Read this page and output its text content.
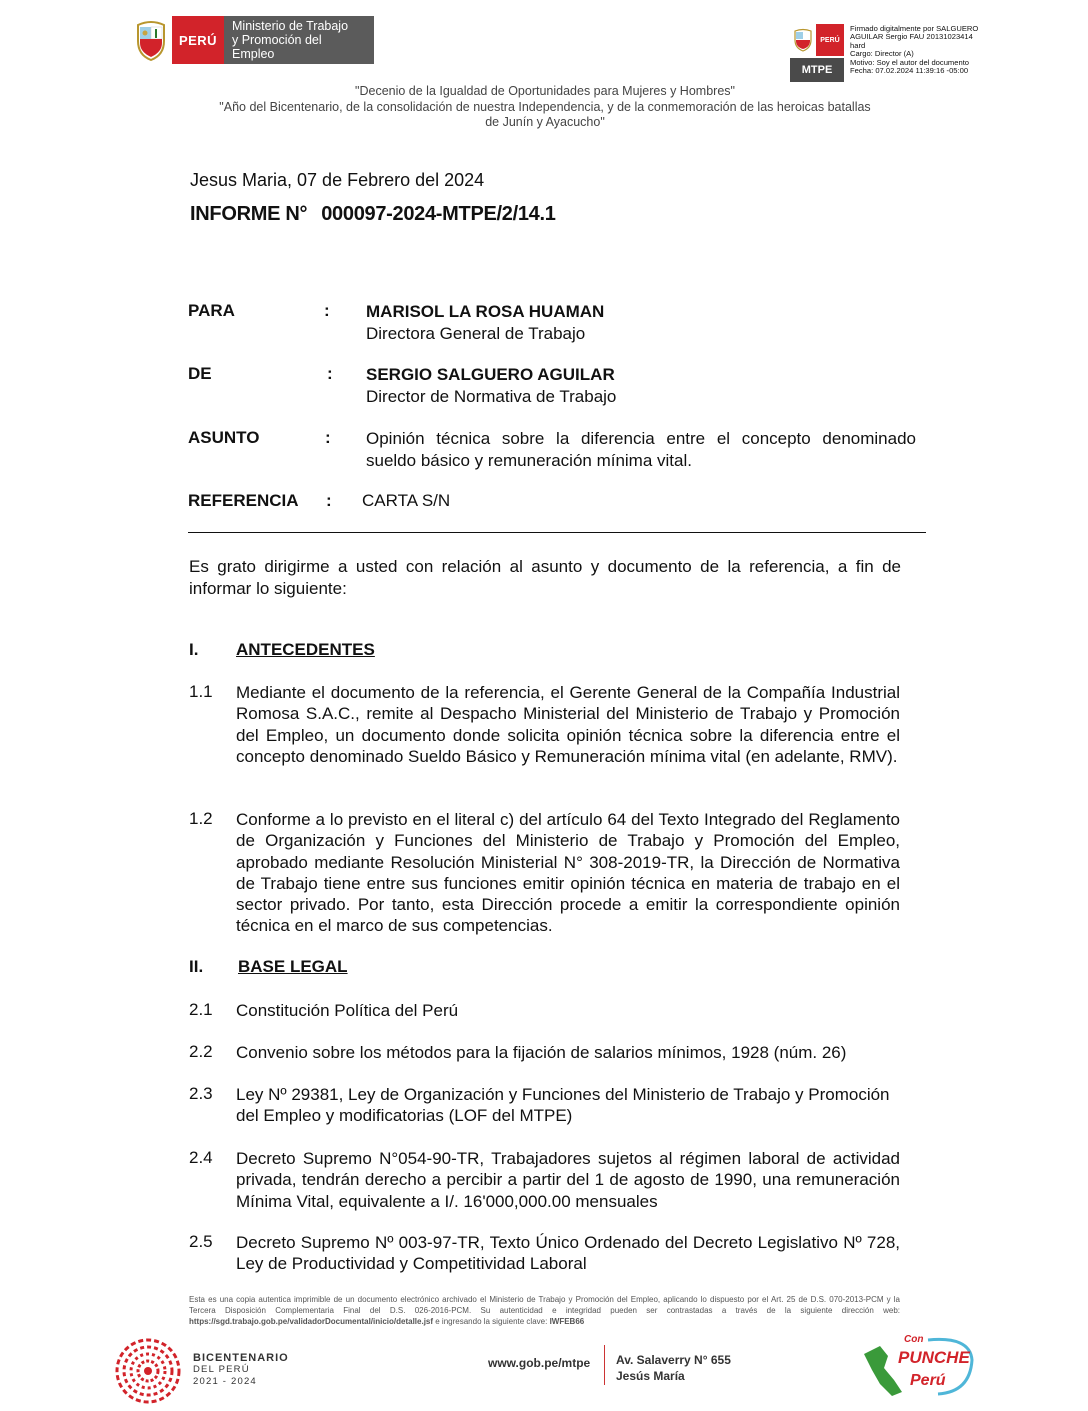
PERÚ
Ministerio de Trabajo
y Promoción del Empleo
PERÚ
MTPE
Firmado digitalmente por SALGUERO
AGUILAR Sergio FAU 20131023414
hard
Cargo: Director (A)
Motivo: Soy el autor del documento
Fecha: 07.02.2024 11:39:16 -05:00
"Decenio de la Igualdad de Oportunidades para Mujeres y Hombres"
"Año del Bicentenario, de la consolidación de nuestra Independencia, y de la conmemoración de las heroicas batallas
de Junín y Ayacucho"
Jesus Maria, 07 de Febrero del 2024
INFORME N° 000097-2024-MTPE/2/14.1
PARA	: MARISOL LA ROSA HUAMAN
Directora General de Trabajo
DE	: SERGIO SALGUERO AGUILAR
Director de Normativa de Trabajo
ASUNTO	: Opinión técnica sobre la diferencia entre el concepto denominado
sueldo básico y remuneración mínima vital.
REFERENCIA : CARTA S/N
Es grato dirigirme a usted con relación al asunto y documento de la referencia, a fin de
informar lo siguiente:
I. ANTECEDENTES
1.1 Mediante el documento de la referencia, el Gerente General de la Compañía Industrial Romosa S.A.C., remite al Despacho Ministerial del Ministerio de Trabajo y Promoción del Empleo, un documento donde solicita opinión técnica sobre la diferencia entre el concepto denominado Sueldo Básico y Remuneración mínima vital (en adelante, RMV).
1.2 Conforme a lo previsto en el literal c) del artículo 64 del Texto Integrado del Reglamento de Organización y Funciones del Ministerio de Trabajo y Promoción del Empleo, aprobado mediante Resolución Ministerial N° 308-2019-TR, la Dirección de Normativa de Trabajo tiene entre sus funciones emitir opinión técnica en materia de trabajo en el sector privado. Por tanto, esta Dirección procede a emitir la correspondiente opinión técnica en el marco de sus competencias.
II. BASE LEGAL
2.1 Constitución Política del Perú
2.2 Convenio sobre los métodos para la fijación de salarios mínimos, 1928 (núm. 26)
2.3 Ley Nº 29381, Ley de Organización y Funciones del Ministerio de Trabajo y Promoción del Empleo y modificatorias (LOF del MTPE)
2.4 Decreto Supremo N°054-90-TR, Trabajadores sujetos al régimen laboral de actividad privada, tendrán derecho a percibir a partir del 1 de agosto de 1990, una remuneración Mínima Vital, equivalente a I/. 16'000,000.00 mensuales
2.5 Decreto Supremo Nº 003-97-TR, Texto Único Ordenado del Decreto Legislativo Nº 728, Ley de Productividad y Competitividad Laboral
Esta es una copia autentica imprimible de un documento electrónico archivado el Ministerio de Trabajo y Promoción del Empleo, aplicando lo dispuesto por el Art. 25 de D.S. 070-2013-PCM y la Tercera Disposición Complementaria Final del D.S. 026-2016-PCM. Su autenticidad e integridad pueden ser contrastadas a través de la siguiente dirección web: https://sgd.trabajo.gob.pe/validadorDocumental/inicio/detalle.jsf e ingresando la siguiente clave: IWFEB66
BICENTENARIO
DEL PERÚ
2021 - 2024
www.gob.pe/mtpe Av. Salaverry N° 655
Jesús María
Con
PUNCHE
Perú
